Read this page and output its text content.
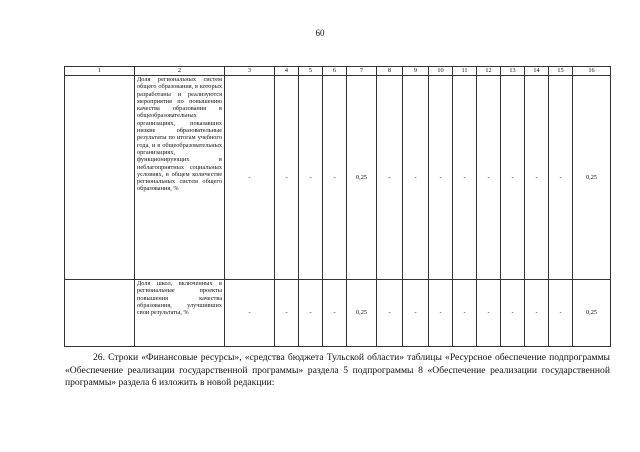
60
1	2	3	4	5	6	7	8	9	10	11	12	13	14	15	16
	Доля региональных систем общего образования, в которых разработаны и реализуются мероприятия по повышению качества образования в общеобразовательных организациях, показавших низкие образовательные результаты по итогам учебного года, и в общеобразовательных организациях, функционирующих в неблагоприятных социальных условиях, в общем количестве региональных систем общего образования, %	-	-	-	-	0,25	-	-	-	-	-	-	-	-	0,25
	Доля школ, включенных в региональные проекты повышения качества образования, улучшивших свои результаты, %	-	-	-	-	0,25	-	-	-	-	-	-	-	-	0,25
26. Строки «Финансовые ресурсы», «средства бюджета Тульской области» таблицы «Ресурсное обеспечение подпрограммы «Обеспечение реализации государственной программы» раздела 5 подпрограммы 8 «Обеспечение реализации государственной программы» раздела 6 изложить в новой редакции:
